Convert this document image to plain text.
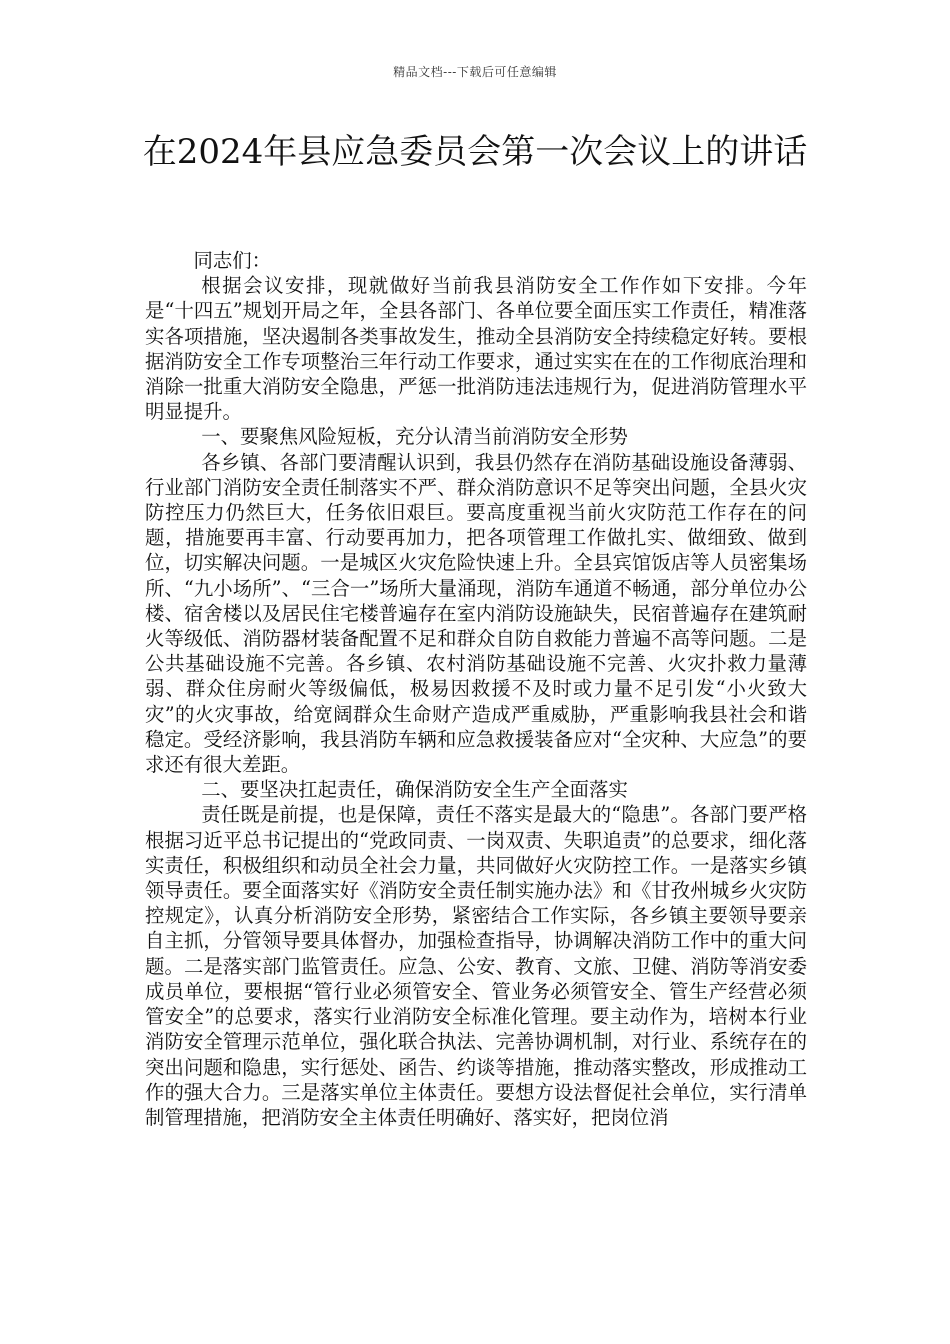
精品文档---下载后可任意编辑
在2024年县应急委员会第一次会议上的讲话

同志们：

根据会议安排，现就做好当前我县消防安全工作作如下安排。今年是“十四五”规划开局之年，全县各部门、各单位要全面压实工作责任，精准落实各项措施，坚决遏制各类事故发生，推动全县消防安全持续稳定好转。要根据消防安全工作专项整治三年行动工作要求，通过实实在在的工作彻底治理和消除一批重大消防安全隐患，严惩一批消防违法违规行为，促进消防管理水平明显提升。

一、要聚焦风险短板，充分认清当前消防安全形势

各乡镇、各部门要清醒认识到，我县仍然存在消防基础设施设备薄弱、行业部门消防安全责任制落实不严、群众消防意识不足等突出问题，全县火灾防控压力仍然巨大，任务依旧艰巨。要高度重视当前火灾防范工作存在的问题，措施要再丰富、行动要再加力，把各项管理工作做扎实、做细致、做到位，切实解决问题。一是城区火灾危险快速上升。全县宾馆饭店等人员密集场所、“九小场所”、“三合一”场所大量涌现，消防车通道不畅通，部分单位办公楼、宿舍楼以及居民住宅楼普遍存在室内消防设施缺失，民宿普遍存在建筑耐火等级低、消防器材装备配置不足和群众自防自救能力普遍不高等问题。二是公共基础设施不完善。各乡镇、农村消防基础设施不完善、火灾扑救力量薄弱、群众住房耐火等级偏低，极易因救援不及时或力量不足引发“小火致大灾”的火灾事故，给宽阔群众生命财产造成严重威胁，严重影响我县社会和谐稳定。受经济影响，我县消防车辆和应急救援装备应对“全灾种、大应急”的要求还有很大差距。

二、要坚决扛起责任，确保消防安全生产全面落实

责任既是前提，也是保障，责任不落实是最大的“隐患”。各部门要严格根据习近平总书记提出的“党政同责、一岗双责、失职追责”的总要求，细化落实责任，积极组织和动员全社会力量，共同做好火灾防控工作。一是落实乡镇领导责任。要全面落实好《消防安全责任制实施办法》和《甘孜州城乡火灾防控规定》，认真分析消防安全形势，紧密结合工作实际，各乡镇主要领导要亲自主抓，分管领导要具体督办，加强检查指导，协调解决消防工作中的重大问题。二是落实部门监管责任。应急、公安、教育、文旅、卫健、消防等消安委成员单位，要根据“管行业必须管安全、管业务必须管安全、管生产经营必须管安全”的总要求，落实行业消防安全标准化管理。要主动作为，培树本行业消防安全管理示范单位，强化联合执法、完善协调机制，对行业、系统存在的突出问题和隐患，实行惩处、函告、约谈等措施，推动落实整改，形成推动工作的强大合力。三是落实单位主体责任。要想方设法督促社会单位，实行清单制管理措施，把消防安全主体责任明确好、落实好，把岗位消
